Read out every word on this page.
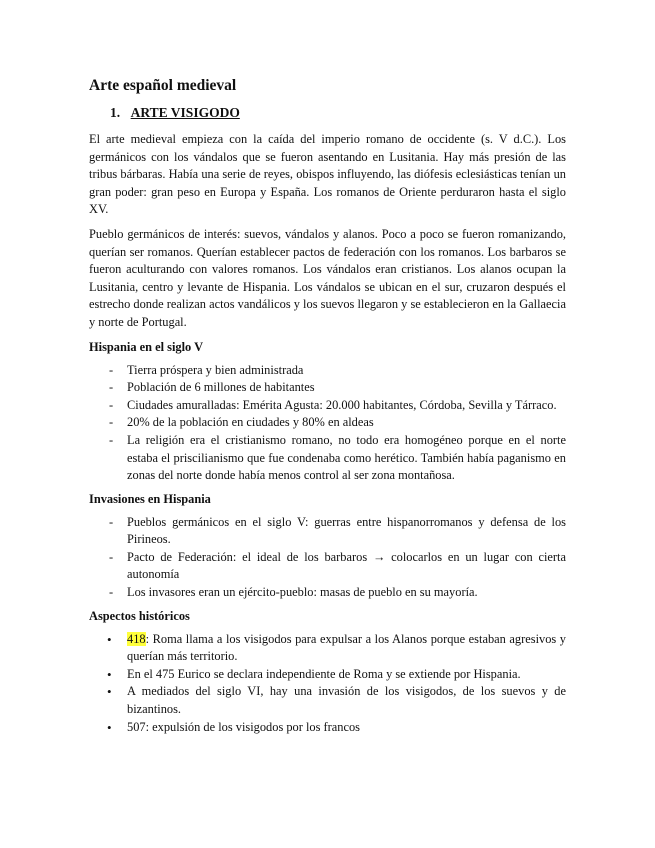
Arte español medieval
1. ARTE VISIGODO

El arte medieval empieza con la caída del imperio romano de occidente (s. V d.C.). Los germánicos con los vándalos que se fueron asentando en Lusitania. Hay más presión de las tribus bárbaras. Había una serie de reyes, obispos influyendo, las diófesis eclesiásticas tenían un gran poder: gran peso en Europa y España. Los romanos de Oriente perduraron hasta el siglo XV.

Pueblo germánicos de interés: suevos, vándalos y alanos. Poco a poco se fueron romanizando, querían ser romanos. Querían establecer pactos de federación con los romanos. Los barbaros se fueron aculturando con valores romanos. Los vándalos eran cristianos. Los alanos ocupan la Lusitania, centro y levante de Hispania. Los vándalos se ubican en el sur, cruzaron después el estrecho donde realizan actos vandálicos y los suevos llegaron y se establecieron en la Gallaecia y norte de Portugal.

Hispania en el siglo V
- Tierra próspera y bien administrada
- Población de 6 millones de habitantes
- Ciudades amuralladas: Emérita Agusta: 20.000 habitantes, Córdoba, Sevilla y Tárraco.
- 20% de la población en ciudades y 80% en aldeas
- La religión era el cristianismo romano, no todo era homogéneo porque en el norte estaba el priscilianismo que fue condenaba como herético. También había paganismo en zonas del norte donde había menos control al ser zona montañosa.
Invasiones en Hispania
- Pueblos germánicos en el siglo V: guerras entre hispanorromanos y defensa de los Pirineos.
- Pacto de Federación: el ideal de los barbaros → colocarlos en un lugar con cierta autonomía
- Los invasores eran un ejército-pueblo: masas de pueblo en su mayoría.
Aspectos históricos
• 418: Roma llama a los visigodos para expulsar a los Alanos porque estaban agresivos y querían más territorio.
• En el 475 Eurico se declara independiente de Roma y se extiende por Hispania.
• A mediados del siglo VI, hay una invasión de los visigodos, de los suevos y de bizantinos.
• 507: expulsión de los visigodos por los francos
